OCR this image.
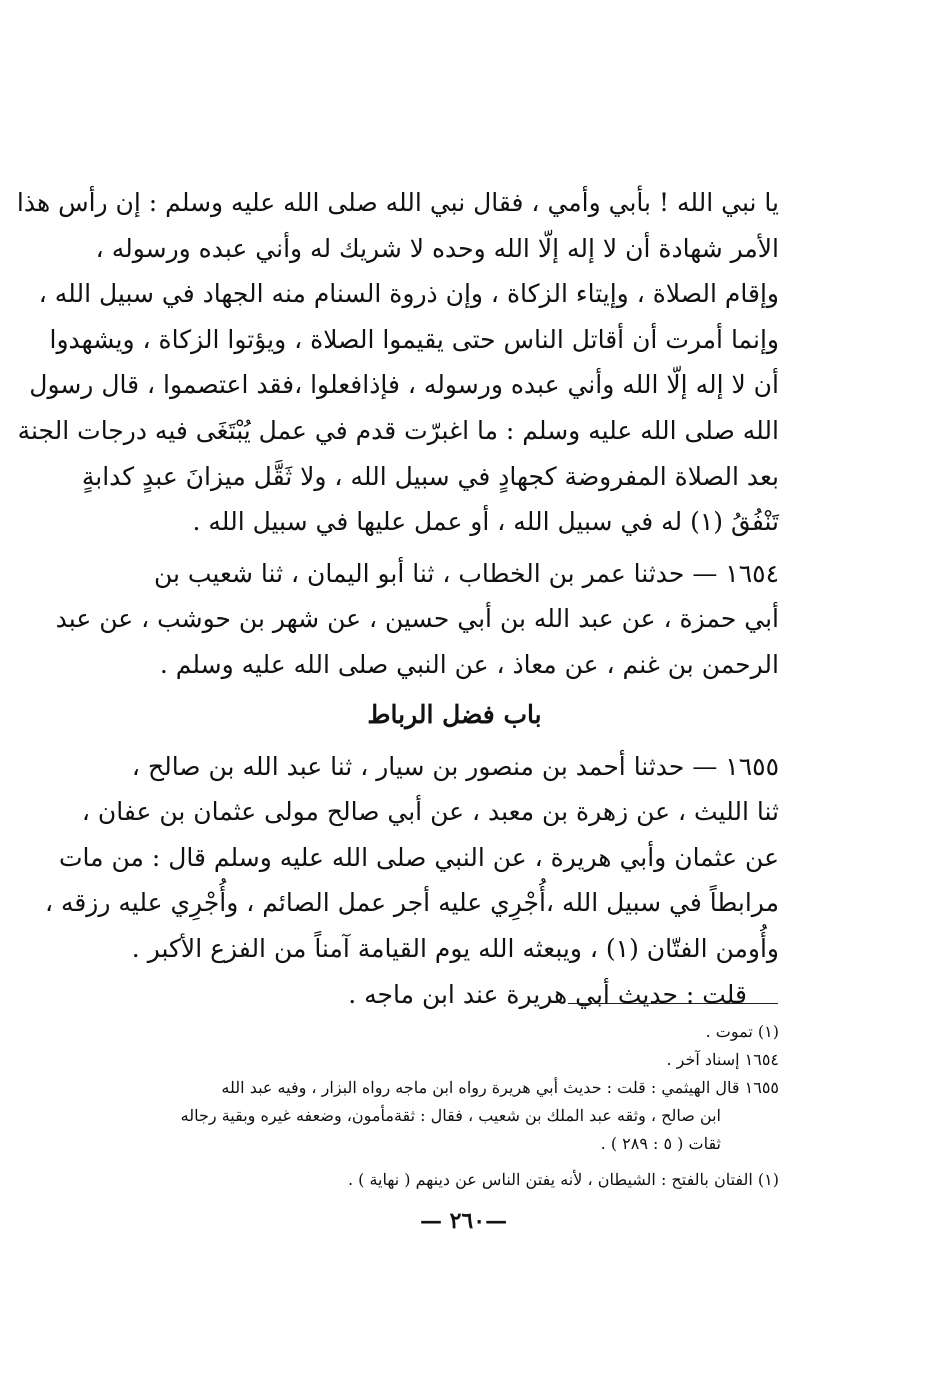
يا نبي الله ! بأبي وأمي ، فقال نبي الله صلى الله عليه وسلم : إن رأس هذا
الأمر شهادة أن لا إله إلّا الله وحده لا شريك له وأني عبده ورسوله ،
وإقام الصلاة ، وإيتاء الزكاة ، وإن ذروة السنام منه الجهاد في سبيل الله ،
وإنما أمرت أن أقاتل الناس حتى يقيموا الصلاة ، ويؤتوا الزكاة ، ويشهدوا
أن لا إله إلّا الله وأني عبده ورسوله ، فإذافعلوا ،فقد اعتصموا ، قال رسول
الله صلى الله عليه وسلم : ما اغبرّت قدم في عمل يُبْتَغَى فيه درجات الجنة
بعد الصلاة المفروضة كجهادٍ في سبيل الله ، ولا ثَقَّل ميزانَ عبدٍ كدابةٍ
تَنْفُقُ (١) له في سبيل الله ، أو عمل عليها في سبيل الله .
١٦٥٤ — حدثنا عمر بن الخطاب ، ثنا أبو اليمان ، ثنا شعيب بن
أبي حمزة ، عن عبد الله بن أبي حسين ، عن شهر بن حوشب ، عن عبد
الرحمن بن غنم ، عن معاذ ، عن النبي صلى الله عليه وسلم .
باب فضل الرباط
١٦٥٥ — حدثنا أحمد بن منصور بن سيار ، ثنا عبد الله بن صالح ،
ثنا الليث ، عن زهرة بن معبد ، عن أبي صالح مولى عثمان بن عفان ،
عن عثمان وأبي هريرة ، عن النبي صلى الله عليه وسلم قال : من مات
مرابطاً في سبيل الله ،أُجْرِي عليه أجر عمل الصائم ، وأُجْرِي عليه رزقه ،
وأُومن الفتّان (١) ، ويبعثه الله يوم القيامة آمناً من الفزع الأكبر .
قلت : حديث أبي هريرة عند ابن ماجه .
(١) تموت .
١٦٥٤ إسناد آخر .
١٦٥٥ قال الهيثمي : قلت : حديث أبي هريرة رواه ابن ماجه رواه البزار ، وفيه عبد الله
ابن صالح ، وثقه عبد الملك بن شعيب ، فقال : ثقةمأمون، وضعفه غيره وبقية رجاله
ثقات ( ٥ : ٢٨٩ ) .
(١) الفتان بالفتح : الشيطان ، لأنه يفتن الناس عن دينهم ( نهاية ) .
—٢٦٠ —
